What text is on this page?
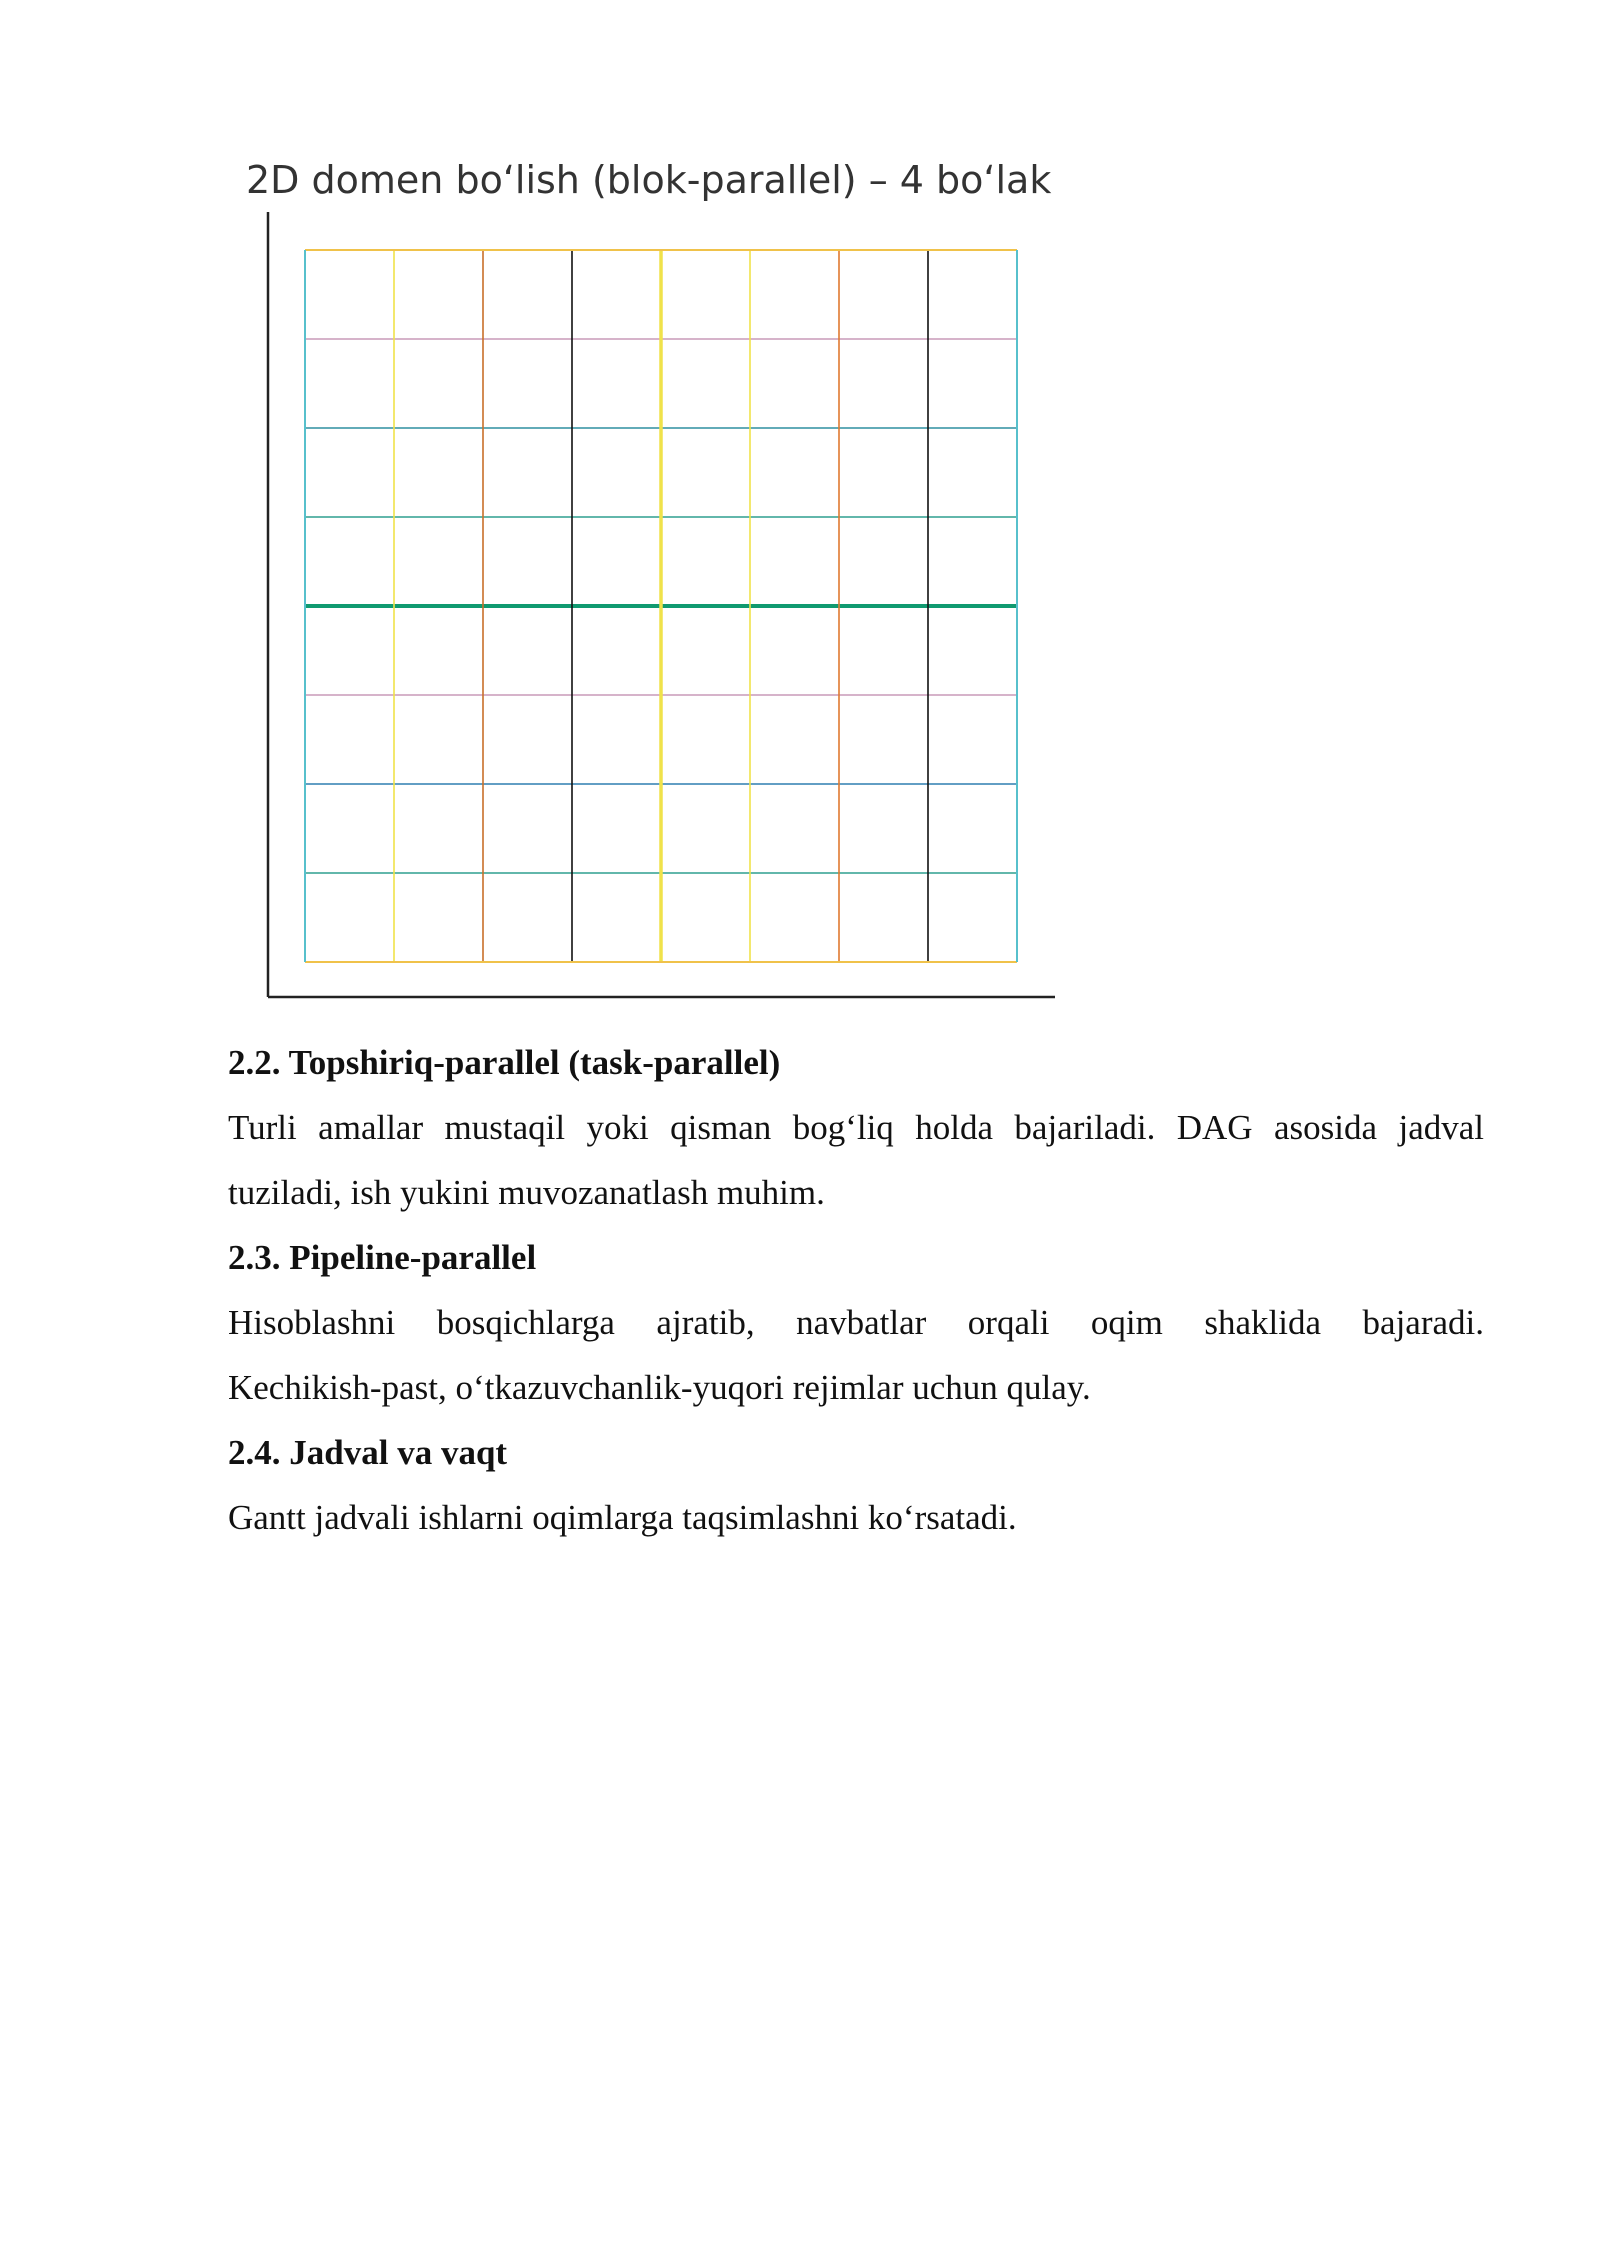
2D domen bo‘lish (blok-parallel) – 4 bo‘lak

2.2. Topshiriq-parallel (task-parallel)

Turli amallar mustaqil yoki qisman bog‘liq holda bajariladi. DAG asosida jadval

tuziladi, ish yukini muvozanatlash muhim.

2.3. Pipeline-parallel

Hisoblashni bosqichlarga ajratib, navbatlar orqali oqim shaklida bajaradi.

Kechikish-past, o‘tkazuvchanlik-yuqori rejimlar uchun qulay.

2.4. Jadval va vaqt

Gantt jadvali ishlarni oqimlarga taqsimlashni ko‘rsatadi.
